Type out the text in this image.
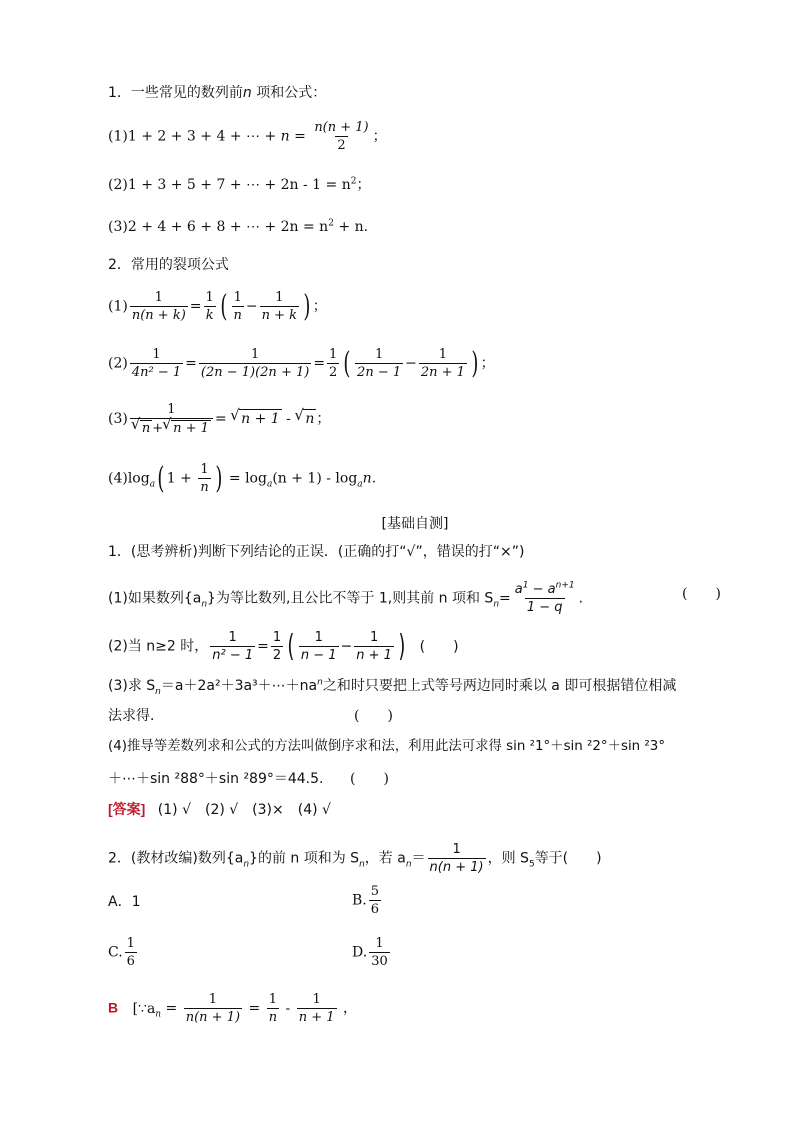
1．一些常见的数列前n 项和公式：
(1)1 + 2 + 3 + 4 + ⋯ + $n = \frac{n(n + 1)}{2}$ ；
(2)1 + 3 + 5 + 7 + ⋯ + $2n - 1 = n^2$；
(3)2 + 4 + 6 + 8 + ⋯ + $2n = n^2 + n$.
2．常用的裂项公式
$(1) \frac{1}{n(n + k)} = \frac{1}{k}$ ( $\frac{1}{n} - \frac{1}{n + k}$ ) ；
$(2) \frac{1}{\text{4n² − 1}} = \frac{1}{(2n - 1)(2n + 1)} = \frac{1}{2}$ ( $\frac{1}{2n - 1} - \frac{1}{2n + 1}$ ) ；
(3) 1
√ n +√ n + 1 = √ n + 1 - √ n ；
$(4)\log_a$( $1 + \frac{1}{n}$ ) = $\log_a(n + 1) - \log_an$.
[基础自测]
1．(思考辨析)判断下列结论的正误．(正确的打“√”，错误的打“×”)
(1)如果数列$\{a_n\}$为等比数列,且公比不等于 1,则其前 n 项和 $S_n= \frac{a^1 - a^{n+1}}{1 - q}$ .	(　　)
(2)当 n≥2 时， $\frac{1}{\text{n² − 1}} = \frac{1}{2}$ ( $\frac{1}{n - 1} - \frac{1}{n + 1}$ ) (　　)
(3)求 $S_n=a+2a^2+3a^3+\cdots+na^n$之和时只要把上式等号两边同时乘以 a 即可根据错位相减
法求得．	(　　)
(4)推导等差数列求和公式的方法叫做倒序求和法，利用此法可求得 sin ²1°＋sin ²2°＋sin ²3°
＋⋯＋sin ²88°＋sin ²89°＝44.5. (　　)
[答案] (1) √　(2) √　(3)×　(4) √
2．(教材改编)数列$\{a_n\}$的前 n 项和为 $S_n$，若 $a_n= \frac{1}{n(n + 1)}$ ，则 $S_5$等于(　　)
A．1	B. $\frac{5}{6}$
C. $\frac{1}{6}$	D. $\frac{1}{30}$
B [$\because a_n = \frac{1}{n(n + 1)} = \frac{1}{n} - \frac{1}{n + 1}$ ，
